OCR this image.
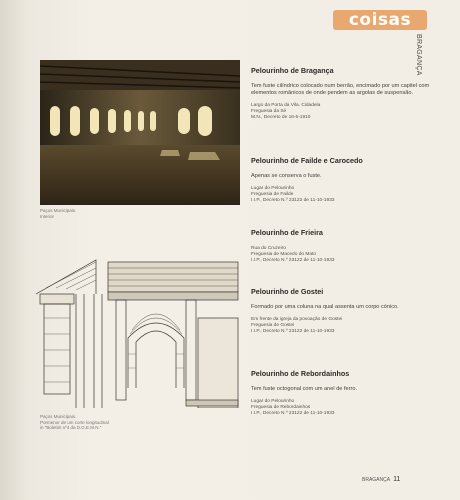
coisas
BRAGANÇA
Paços Municipais.
Interior
Paços Municipais.
Pormenor de um corte longitudinal
in "Boletim nº4 da D.G.E.M.N."
Pelourinho de Bragança
Tem fuste cilíndrico colocado num berrão, encimado por um capitel com elementos românicos de onde pendem as argolas de suspensão.
Largo da Porta da Vila. Cidadela
Freguesia da Sé
M.N., Decreto de 16-6-1910
Pelourinho de Failde e Carocedo
Apenas se conserva o fuste.
Lugar do Pelourinho
Freguesia de Failde
I.I.P., Decreto N.º 23122 de 11-10-1933
Pelourinho de Frieira
Rua do Cruzeiro
Freguesia de Macedo do Mato
I.I.P., Decreto N.º 23122 de 11-10-1933
Pelourinho de Gostei
Formado por uma coluna na qual assenta um corpo cónico.
Em frente da igreja da povoação de Gostei
Freguesia de Gostei
I.I.P., Decreto N.º 23122 de 11-10-1933
Pelourinho de Rebordainhos
Tem fuste octogonal com um anel de ferro.
Lugar do Pelourinho
Freguesia de Rebordainhos
I.I.P., Decreto N.º 23122 de 11-10-1933
BRAGANÇA 11
